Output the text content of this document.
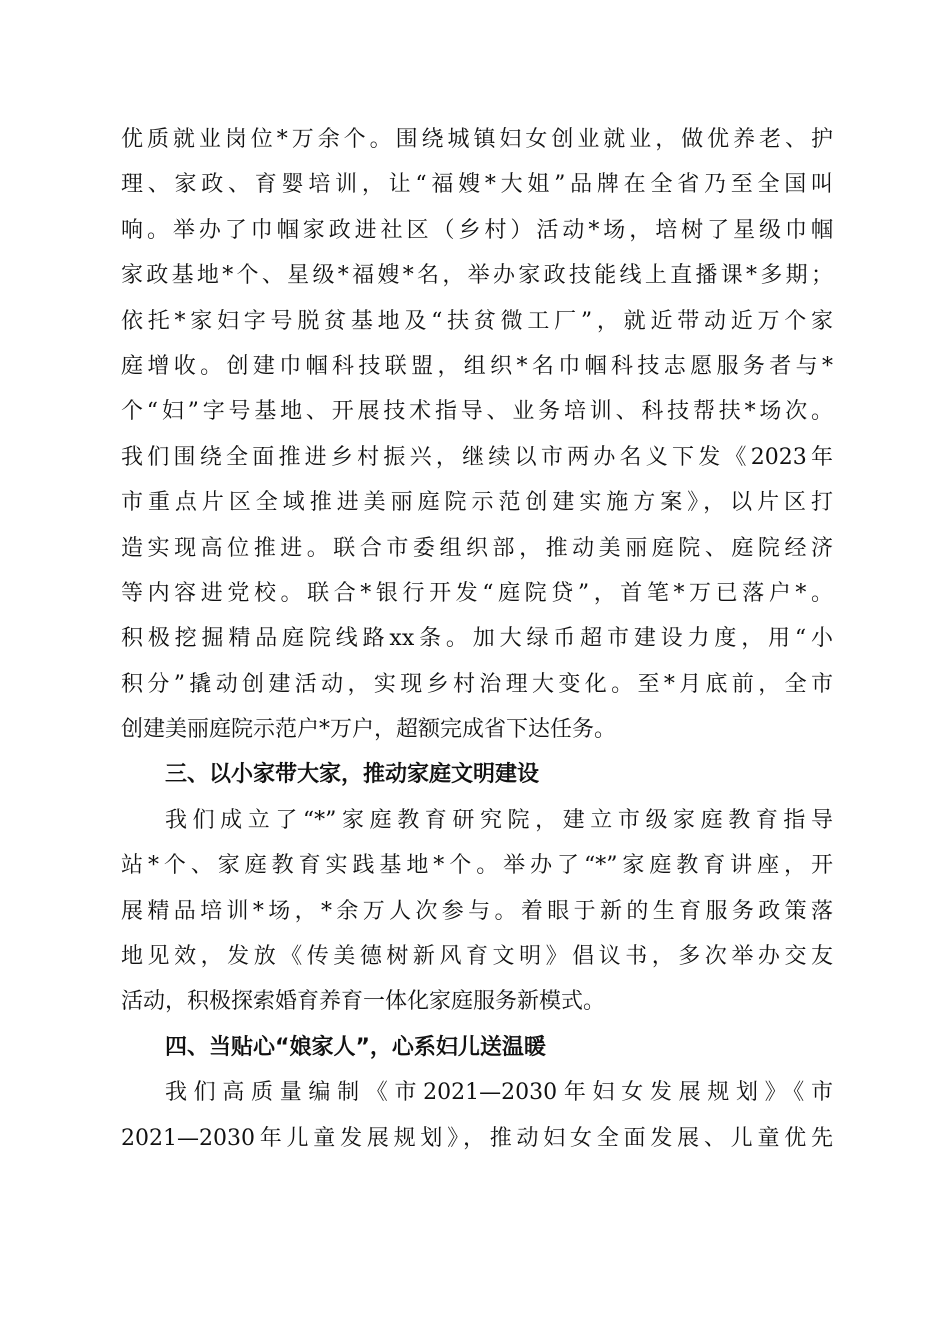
优质就业岗位*万余个。围绕城镇妇女创业就业，做优养老、护
理、家政、育婴培训，让“福嫂*大姐”品牌在全省乃至全国叫
响。举办了巾帼家政进社区（乡村）活动*场，培树了星级巾帼
家政基地*个、星级*福嫂*名，举办家政技能线上直播课*多期；
依托*家妇字号脱贫基地及“扶贫微工厂”，就近带动近万个家
庭增收。创建巾帼科技联盟，组织*名巾帼科技志愿服务者与*
个“妇”字号基地、开展技术指导、业务培训、科技帮扶*场次。
我们围绕全面推进乡村振兴，继续以市两办名义下发《2023年
市重点片区全域推进美丽庭院示范创建实施方案》，以片区打
造实现高位推进。联合市委组织部，推动美丽庭院、庭院经济
等内容进党校。联合*银行开发“庭院贷”，首笔*万已落户*。
积极挖掘精品庭院线路xx条。加大绿币超市建设力度，用“小
积分”撬动创建活动，实现乡村治理大变化。至*月底前，全市
创建美丽庭院示范户*万户，超额完成省下达任务。
三、以小家带大家，推动家庭文明建设
我们成立了“*”家庭教育研究院，建立市级家庭教育指导
站*个、家庭教育实践基地*个。举办了“*”家庭教育讲座，开
展精品培训*场，*余万人次参与。着眼于新的生育服务政策落
地见效，发放《传美德树新风育文明》倡议书，多次举办交友
活动，积极探索婚育养育一体化家庭服务新模式。
四、当贴心“娘家人”，心系妇儿送温暖
我们高质量编制《市2021—2030年妇女发展规划》《市
2021—2030年儿童发展规划》，推动妇女全面发展、儿童优先
